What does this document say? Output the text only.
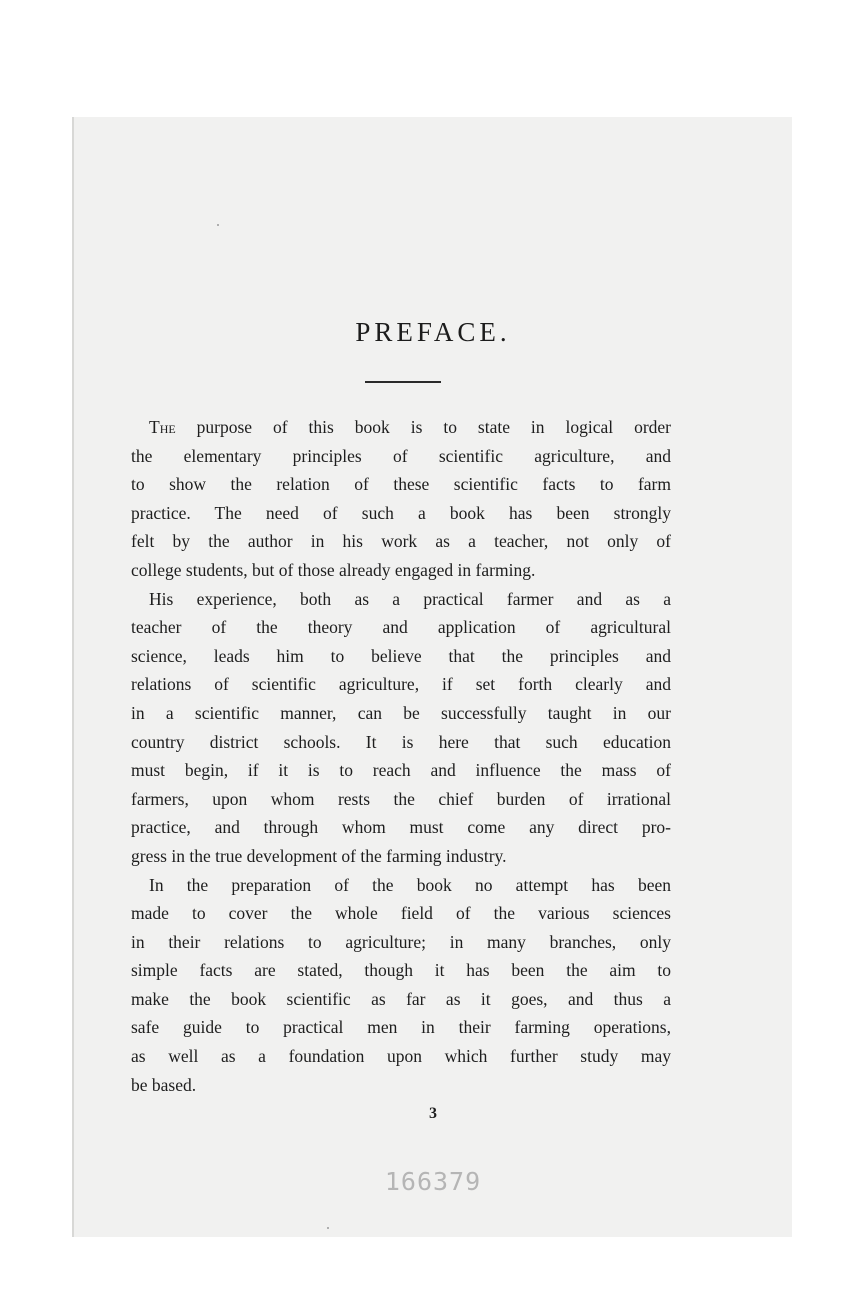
PREFACE.
The purpose of this book is to state in logical order
the elementary principles of scientific agriculture, and
to show the relation of these scientific facts to farm
practice. The need of such a book has been strongly
felt by the author in his work as a teacher, not only of
college students, but of those already engaged in farming.
His experience, both as a practical farmer and as a
teacher of the theory and application of agricultural
science, leads him to believe that the principles and
relations of scientific agriculture, if set forth clearly and
in a scientific manner, can be successfully taught in our
country district schools. It is here that such education
must begin, if it is to reach and influence the mass of
farmers, upon whom rests the chief burden of irrational
practice, and through whom must come any direct pro-
gress in the true development of the farming industry.
In the preparation of the book no attempt has been
made to cover the whole field of the various sciences
in their relations to agriculture; in many branches, only
simple facts are stated, though it has been the aim to
make the book scientific as far as it goes, and thus a
safe guide to practical men in their farming operations,
as well as a foundation upon which further study may
be based.
3
166379
